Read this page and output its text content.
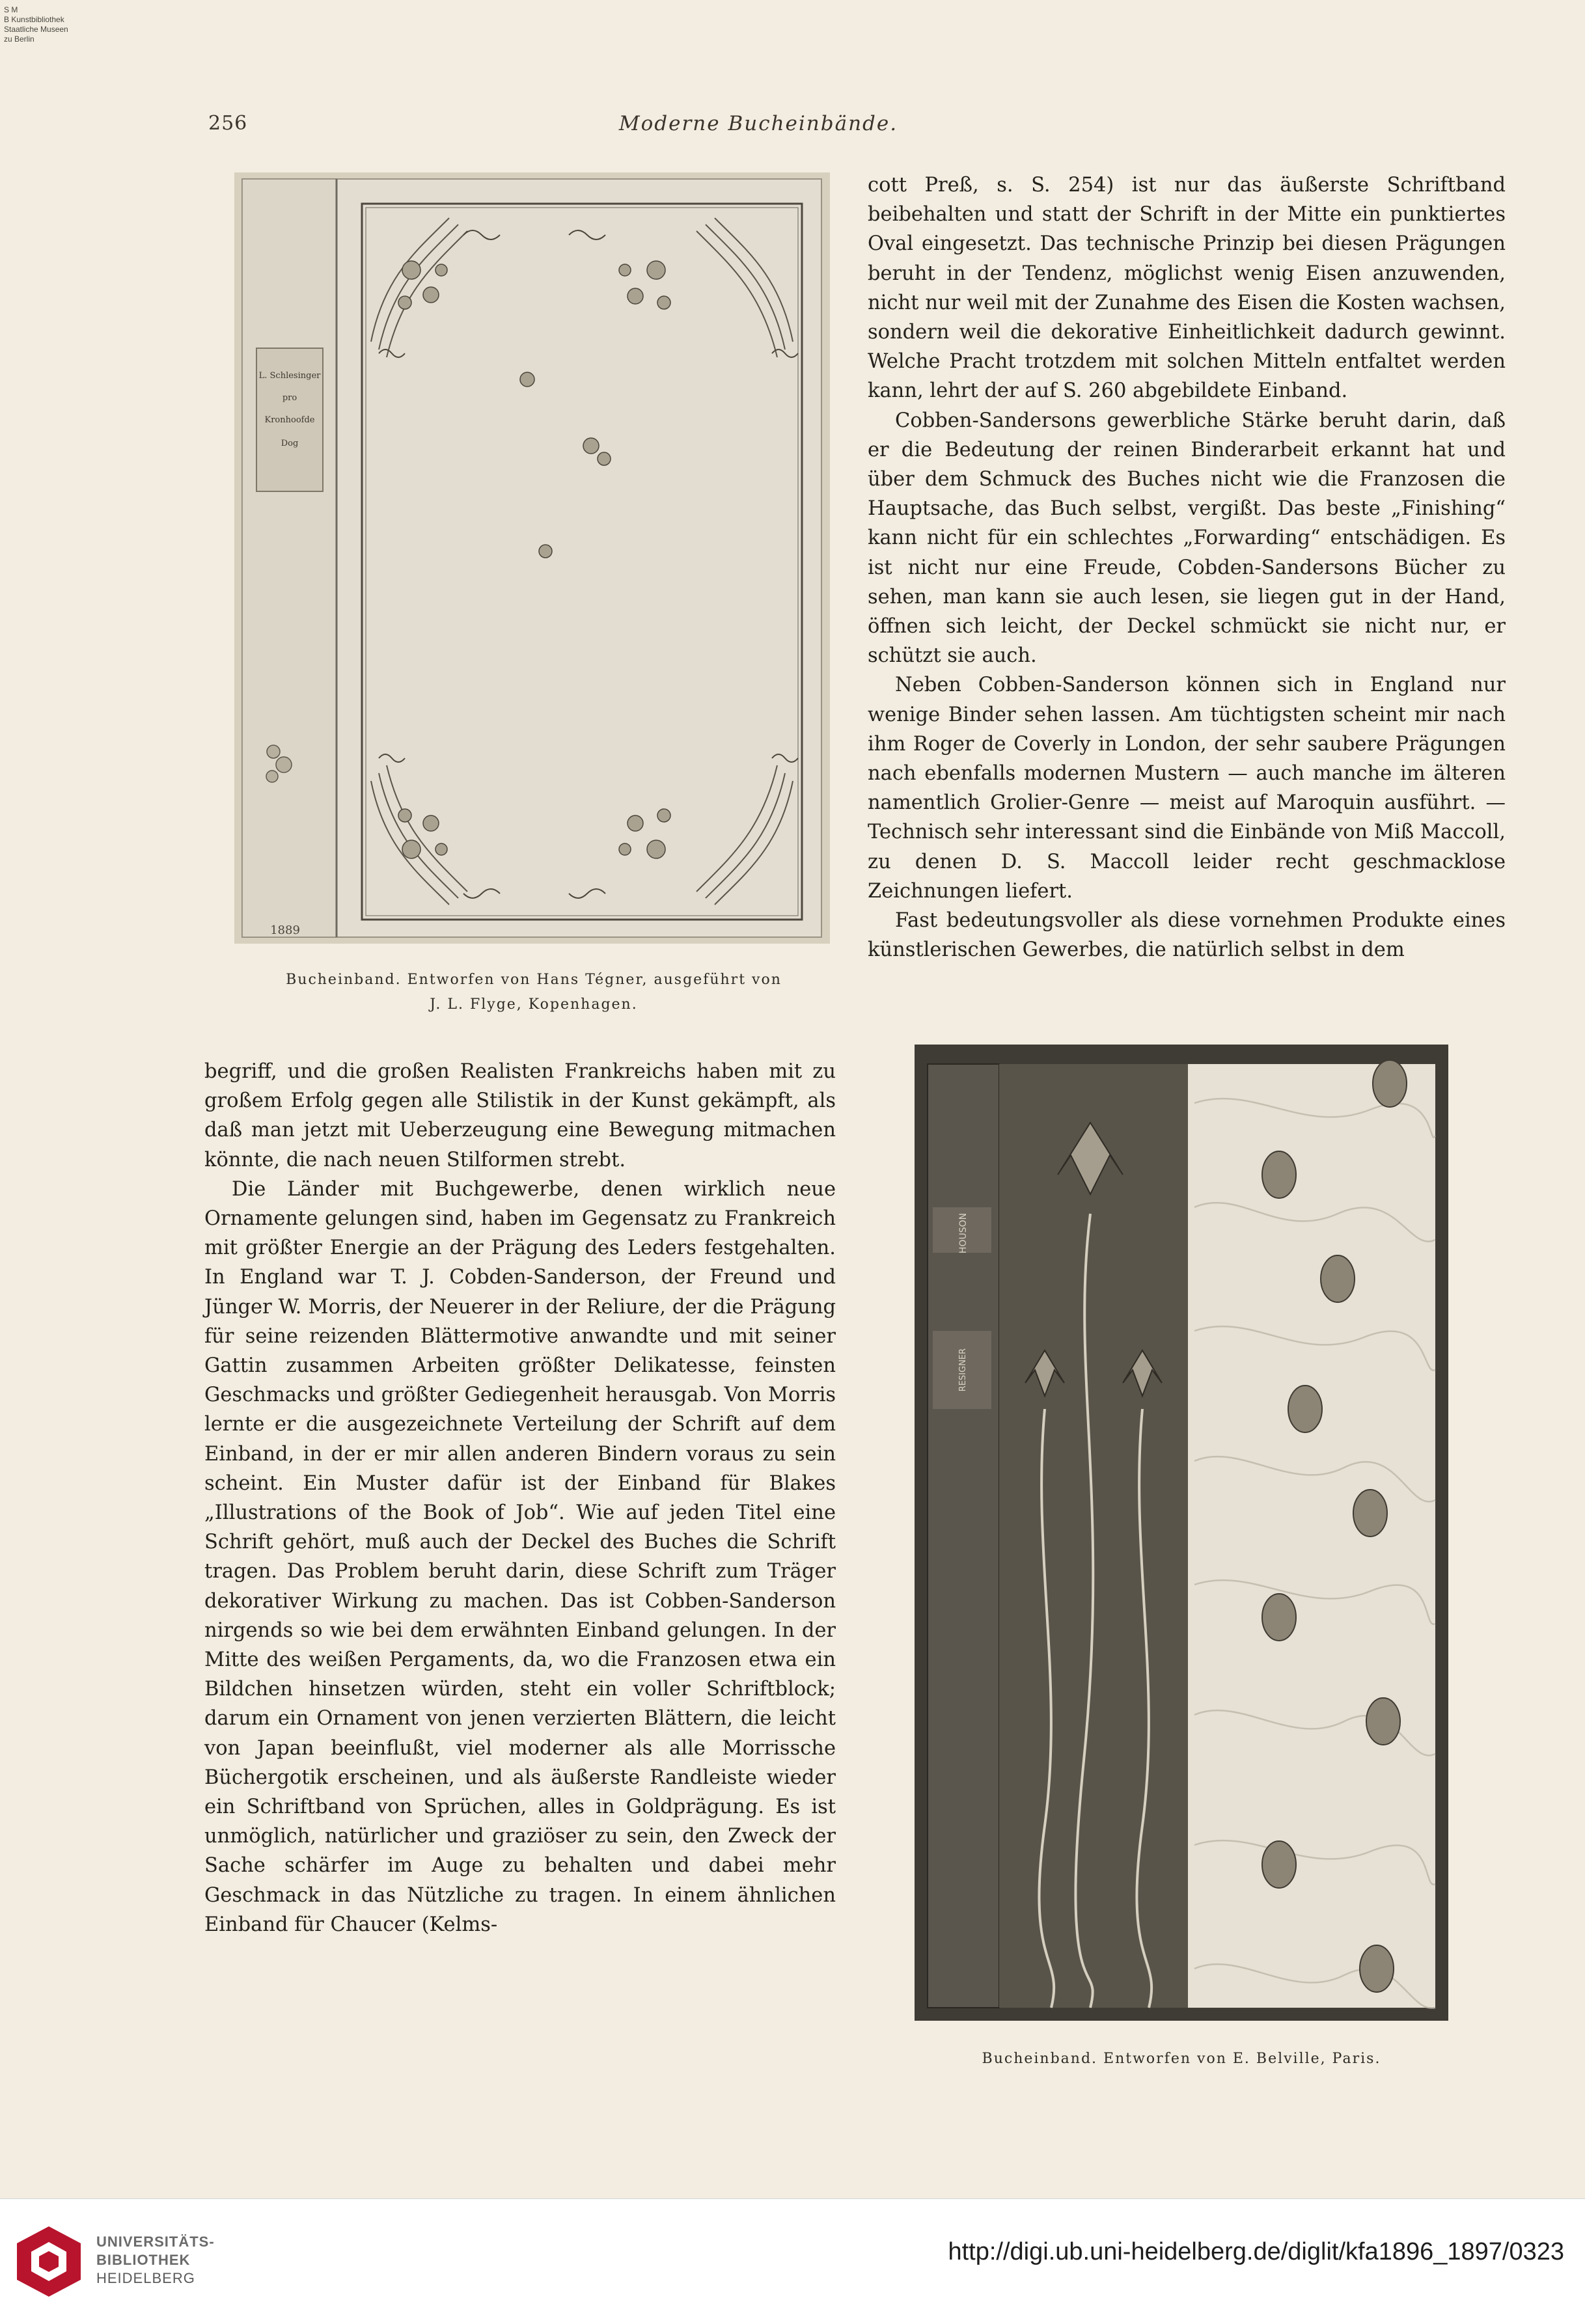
S M
B Kunstbibliothek
Staatliche Museen
zu Berlin
256	Moderne Bucheinbände.
L. Schlesinger
pro
Kronhoofde
Dog
1889
Bucheinband. Entworfen von Hans Tégner, ausgeführt von
J. L. Flyge, Kopenhagen.

cott Preß, s. S. 254) ist nur das äußerste Schriftband beibehalten und statt der Schrift in der Mitte ein punktiertes Oval eingesetzt. Das technische Prinzip bei diesen Prägungen beruht in der Tendenz, möglichst wenig Eisen anzuwenden, nicht nur weil mit der Zunahme des Eisen die Kosten wachsen, sondern weil die dekorative Einheitlichkeit dadurch gewinnt. Welche Pracht trotzdem mit solchen Mitteln entfaltet werden kann, lehrt der auf S. 260 abgebildete Einband.

Cobben-Sandersons gewerbliche Stärke beruht darin, daß er die Bedeutung der reinen Binderarbeit erkannt hat und über dem Schmuck des Buches nicht wie die Franzosen die Hauptsache, das Buch selbst, vergißt. Das beste „Finishing“ kann nicht für ein schlechtes „Forwarding“ entschädigen. Es ist nicht nur eine Freude, Cobden-Sandersons Bücher zu sehen, man kann sie auch lesen, sie liegen gut in der Hand, öffnen sich leicht, der Deckel schmückt sie nicht nur, er schützt sie auch.

Neben Cobben-Sanderson können sich in England nur wenige Binder sehen lassen. Am tüchtigsten scheint mir nach ihm Roger de Coverly in London, der sehr saubere Prägungen nach ebenfalls modernen Mustern — auch manche im älteren namentlich Grolier-Genre — meist auf Maroquin ausführt. — Technisch sehr interessant sind die Einbände von Miß Maccoll, zu denen D. S. Maccoll leider recht geschmacklose Zeichnungen liefert.

Fast bedeutungsvoller als diese vornehmen Produkte eines künstlerischen Gewerbes, die natürlich selbst in dem

begriff, und die großen Realisten Frankreichs haben mit zu großem Erfolg gegen alle Stilistik in der Kunst gekämpft, als daß man jetzt mit Ueberzeugung eine Bewegung mitmachen könnte, die nach neuen Stilformen strebt.

Die Länder mit Buchgewerbe, denen wirklich neue Ornamente gelungen sind, haben im Gegensatz zu Frankreich mit größter Energie an der Prägung des Leders festgehalten. In England war T. J. Cobden-Sanderson, der Freund und Jünger W. Morris, der Neuerer in der Reliure, der die Prägung für seine reizenden Blättermotive anwandte und mit seiner Gattin zusammen Arbeiten größter Delikatesse, feinsten Geschmacks und größter Gediegenheit herausgab. Von Morris lernte er die ausgezeichnete Verteilung der Schrift auf dem Einband, in der er mir allen anderen Bindern voraus zu sein scheint. Ein Muster dafür ist der Einband für Blakes „Illustrations of the Book of Job“. Wie auf jeden Titel eine Schrift gehört, muß auch der Deckel des Buches die Schrift tragen. Das Problem beruht darin, diese Schrift zum Träger dekorativer Wirkung zu machen. Das ist Cobben-Sanderson nirgends so wie bei dem erwähnten Einband gelungen. In der Mitte des weißen Pergaments, da, wo die Franzosen etwa ein Bildchen hinsetzen würden, steht ein voller Schriftblock; darum ein Ornament von jenen verzierten Blättern, die leicht von Japan beeinflußt, viel moderner als alle Morrissche Büchergotik erscheinen, und als äußerste Randleiste wieder ein Schriftband von Sprüchen, alles in Goldprägung. Es ist unmöglich, natürlicher und graziöser zu sein, den Zweck der Sache schärfer im Auge zu behalten und dabei mehr Geschmack in das Nützliche zu tragen. In einem ähnlichen Einband für Chaucer (Kelms-

HOUSON
RESIGNER
Bucheinband. Entworfen von E. Belville, Paris.
UNIVERSITÄTS-
BIBLIOTHEK
HEIDELBERG
http://digi.ub.uni-heidelberg.de/diglit/kfa1896_1897/0323
